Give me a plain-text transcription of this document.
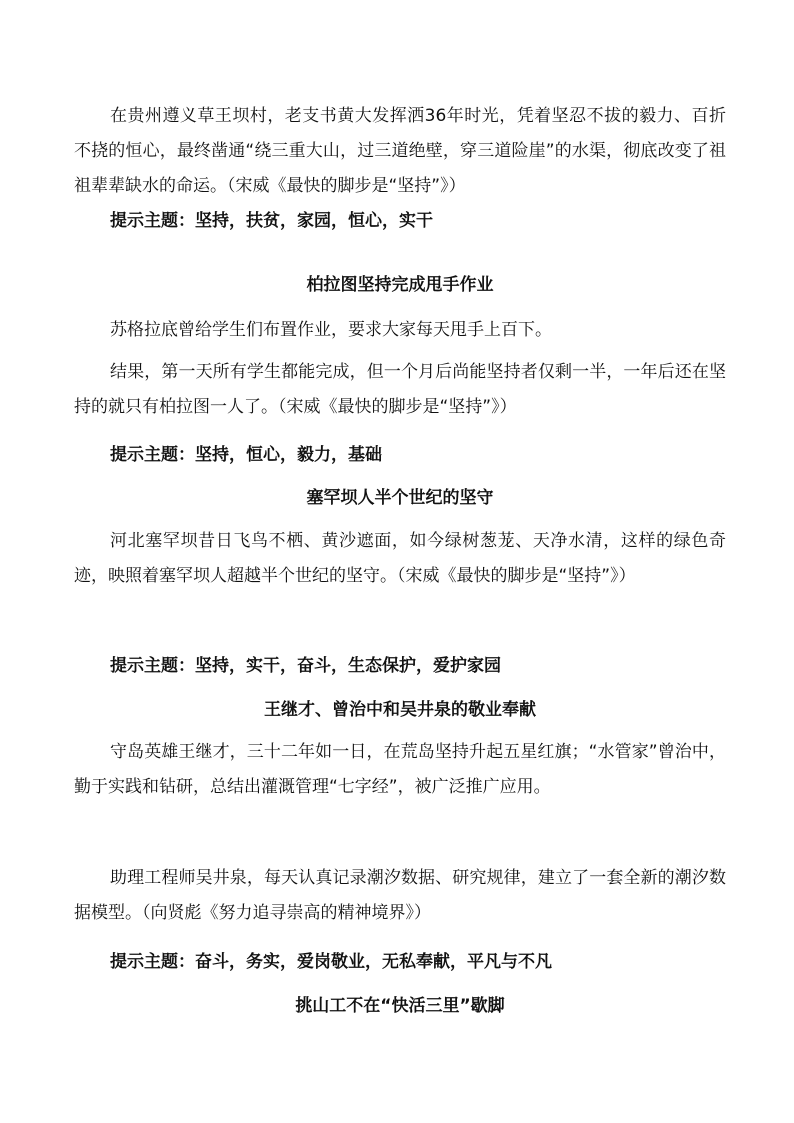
在贵州遵义草王坝村，老支书黄大发挥洒36年时光，凭着坚忍不拔的毅力、百折不挠的恒心，最终凿通“绕三重大山，过三道绝壁，穿三道险崖”的水渠，彻底改变了祖祖辈辈缺水的命运。（宋威《最快的脚步是“坚持”》）

提示主题：坚持，扶贫，家园，恒心，实干

柏拉图坚持完成甩手作业

苏格拉底曾给学生们布置作业，要求大家每天甩手上百下。

结果，第一天所有学生都能完成，但一个月后尚能坚持者仅剩一半，一年后还在坚持的就只有柏拉图一人了。（宋威《最快的脚步是“坚持”》）

提示主题：坚持，恒心，毅力，基础

塞罕坝人半个世纪的坚守

河北塞罕坝昔日飞鸟不栖、黄沙遮面，如今绿树葱茏、天净水清，这样的绿色奇迹，映照着塞罕坝人超越半个世纪的坚守。（宋威《最快的脚步是“坚持”》）

提示主题：坚持，实干，奋斗，生态保护，爱护家园

王继才、曾治中和吴井泉的敬业奉献

守岛英雄王继才，三十二年如一日，在荒岛坚持升起五星红旗；“水管家”曾治中，勤于实践和钻研，总结出灌溉管理“七字经”，被广泛推广应用。

助理工程师吴井泉，每天认真记录潮汐数据、研究规律，建立了一套全新的潮汐数据模型。（向贤彪《努力追寻崇高的精神境界》）

提示主题：奋斗，务实，爱岗敬业，无私奉献，平凡与不凡

挑山工不在“快活三里”歇脚
